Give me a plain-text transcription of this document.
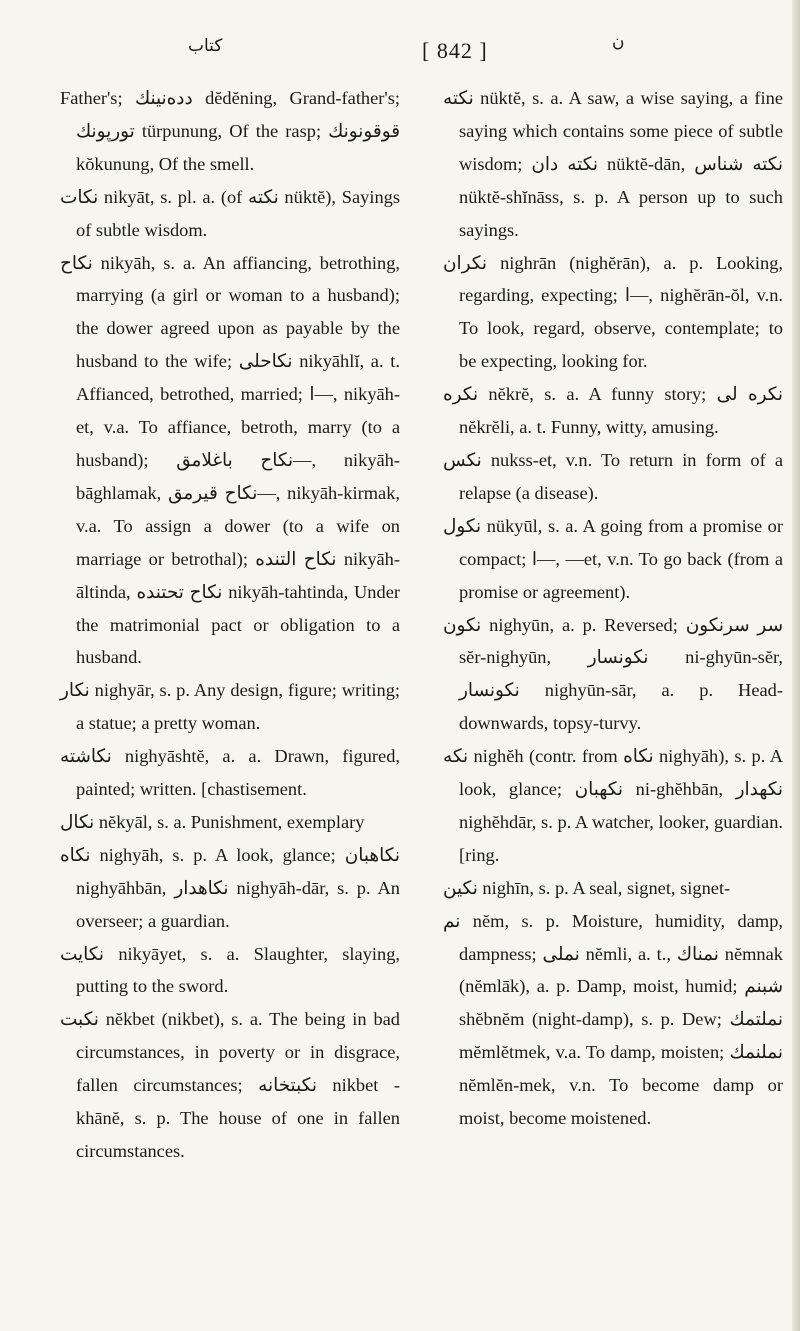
كتاب	[ 842 ]	ن

Father's; دده‌نینك dĕdĕning, Grand-father's; تورپونك türpunung, Of the rasp; قوقونونك kŏkunung, Of the smell.

نكات nikyāt, s. pl. a. (of نكته nüktĕ), Sayings of subtle wisdom.

نكاح nikyāh, s. a. An affiancing, betrothing, marrying (a girl or woman to a husband); the dower agreed upon as payable by the husband to the wife; نكاحلى nikyāhlĭ, a. t. Affianced, betrothed, married; ا—, nikyāh-et, v.a. To affiance, betroth, marry (to a husband); نكاح باغلامق—, nikyāh-bāghlamak, نكاح قيرمق—, nikyāh-kirmak, v.a. To assign a dower (to a wife on marriage or betrothal); نكاح التنده nikyāh-āltinda, نكاح تحتنده nikyāh-tahtinda, Under the matrimonial pact or obligation to a husband.

نكار nighyār, s. p. Any design, figure; writing; a statue; a pretty woman.

نكاشته nighyāshtĕ, a. a. Drawn, figured, painted; written. [chastisement.

نكال nĕkyāl, s. a. Punishment, exemplary

نكاه nighyāh, s. p. A look, glance; نكاهبان nighyāhbān, نكاهدار nighyāh-dār, s. p. An overseer; a guardian.

نكايت nikyāyet, s. a. Slaughter, slaying, putting to the sword.

نكبت nĕkbet (nikbet), s. a. The being in bad circumstances, in poverty or in disgrace, fallen circumstances; نكبتخانه nikbet - khānĕ, s. p. The house of one in fallen circumstances.

نكته nüktĕ, s. a. A saw, a wise saying, a fine saying which contains some piece of subtle wisdom; نكته دان nüktĕ-dān, نكته شناس nüktĕ-shĭnāss, s. p. A person up to such sayings.

نكران nighrān (nighĕrān), a. p. Looking, regarding, expecting; ا—, nighĕrān-ŏl, v.n. To look, regard, observe, contemplate; to be expecting, looking for.

نكره nĕkrĕ, s. a. A funny story; نكره لى nĕkrĕli, a. t. Funny, witty, amusing.

نكس nukss-et, v.n. To return in form of a relapse (a disease).

نكول nükyūl, s. a. A going from a promise or compact; ا—, —et, v.n. To go back (from a promise or agreement).

نكون nighyūn, a. p. Reversed; سر سرنكون sĕr-nighyūn, نكونسار ni-ghyūn-sĕr, نكونسار nighyūn-sār, a. p. Head-downwards, topsy-turvy.

نكه nighĕh (contr. from نكاه nighyāh), s. p. A look, glance; نكهبان ni-ghĕhbān, نكهدار nighĕhdār, s. p. A watcher, looker, guardian. [ring.

نكين nighīn, s. p. A seal, signet, signet-

نم nĕm, s. p. Moisture, humidity, damp, dampness; نملى nĕmli, a. t., نمناك nĕmnak (nĕmlāk), a. p. Damp, moist, humid; شبنم shĕbnĕm (night-damp), s. p. Dew; نملتمك mĕmlĕtmek, v.a. To damp, moisten; نملنمك nĕmlĕn-mek, v.n. To become damp or moist, become moistened.
